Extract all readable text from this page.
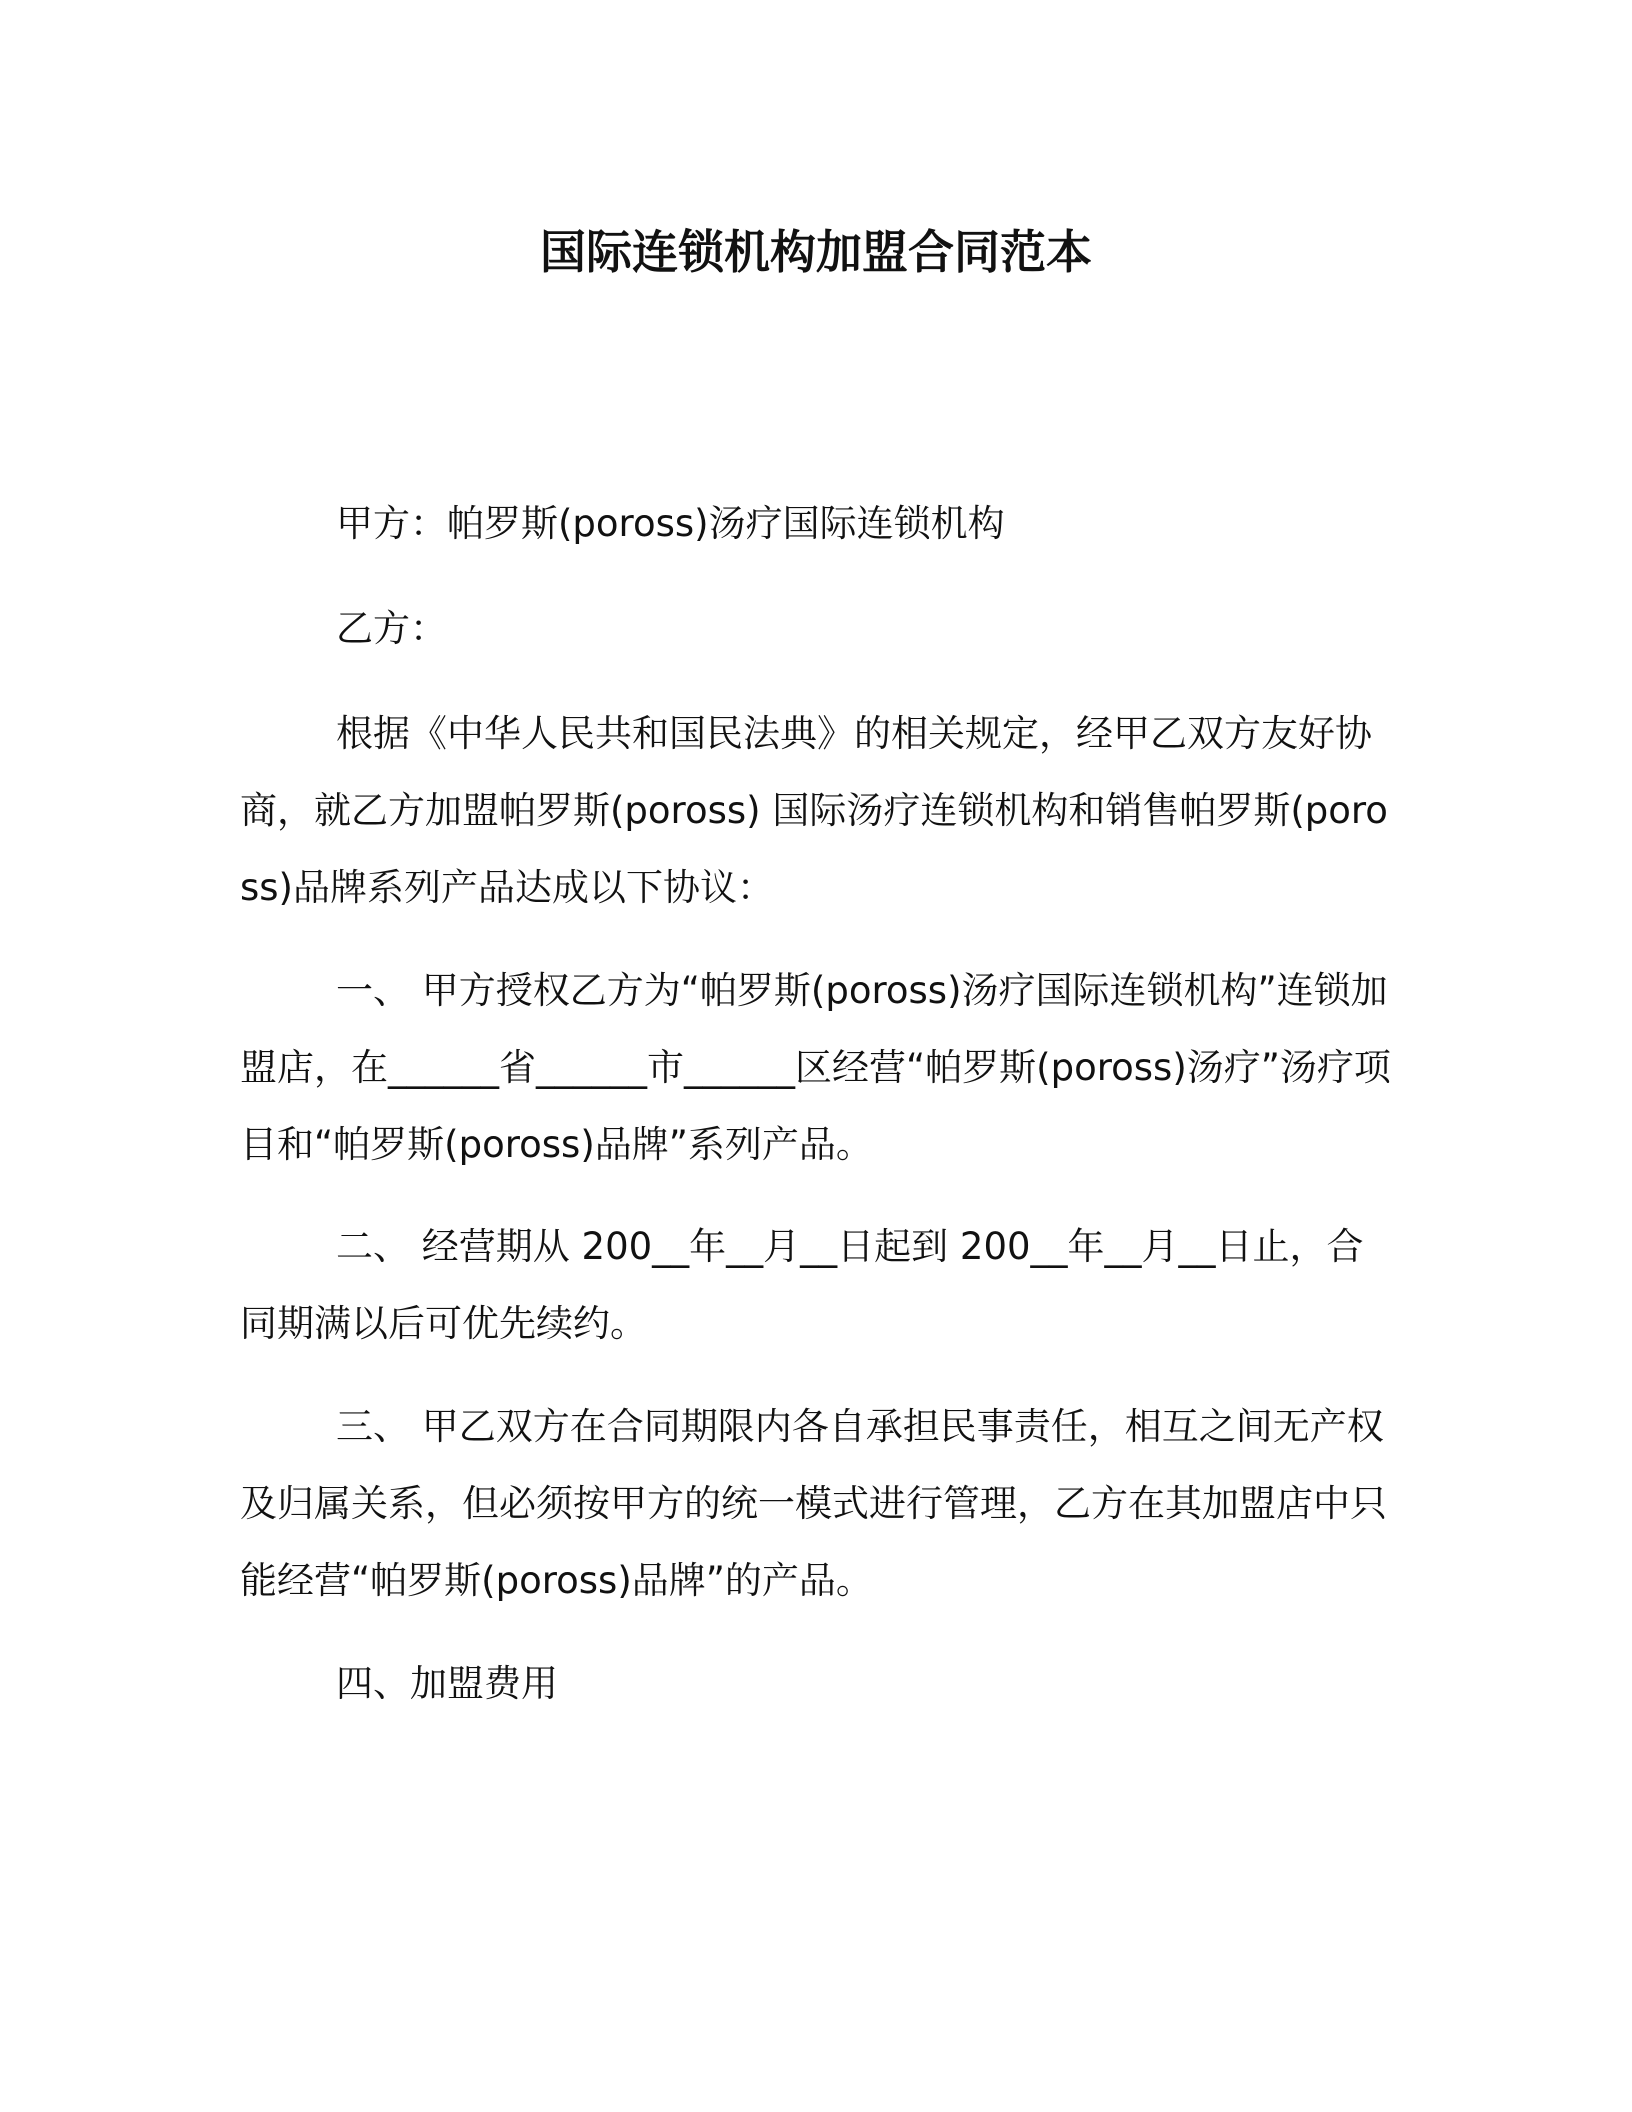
国际连锁机构加盟合同范本

甲方：帕罗斯(poross)汤疗国际连锁机构

乙方：

根据《中华人民共和国民法典》的相关规定，经甲乙双方友好协商，就乙方加盟帕罗斯(poross) 国际汤疗连锁机构和销售帕罗斯(poross)品牌系列产品达成以下协议：

一、 甲方授权乙方为“帕罗斯(poross)汤疗国际连锁机构”连锁加盟店，在______省______市______区经营“帕罗斯(poross)汤疗”汤疗项目和“帕罗斯(poross)品牌”系列产品。

二、 经营期从 200__年__月__日起到 200__年__月__日止，合同期满以后可优先续约。

三、 甲乙双方在合同期限内各自承担民事责任，相互之间无产权及归属关系，但必须按甲方的统一模式进行管理，乙方在其加盟店中只能经营“帕罗斯(poross)品牌”的产品。

四、加盟费用
